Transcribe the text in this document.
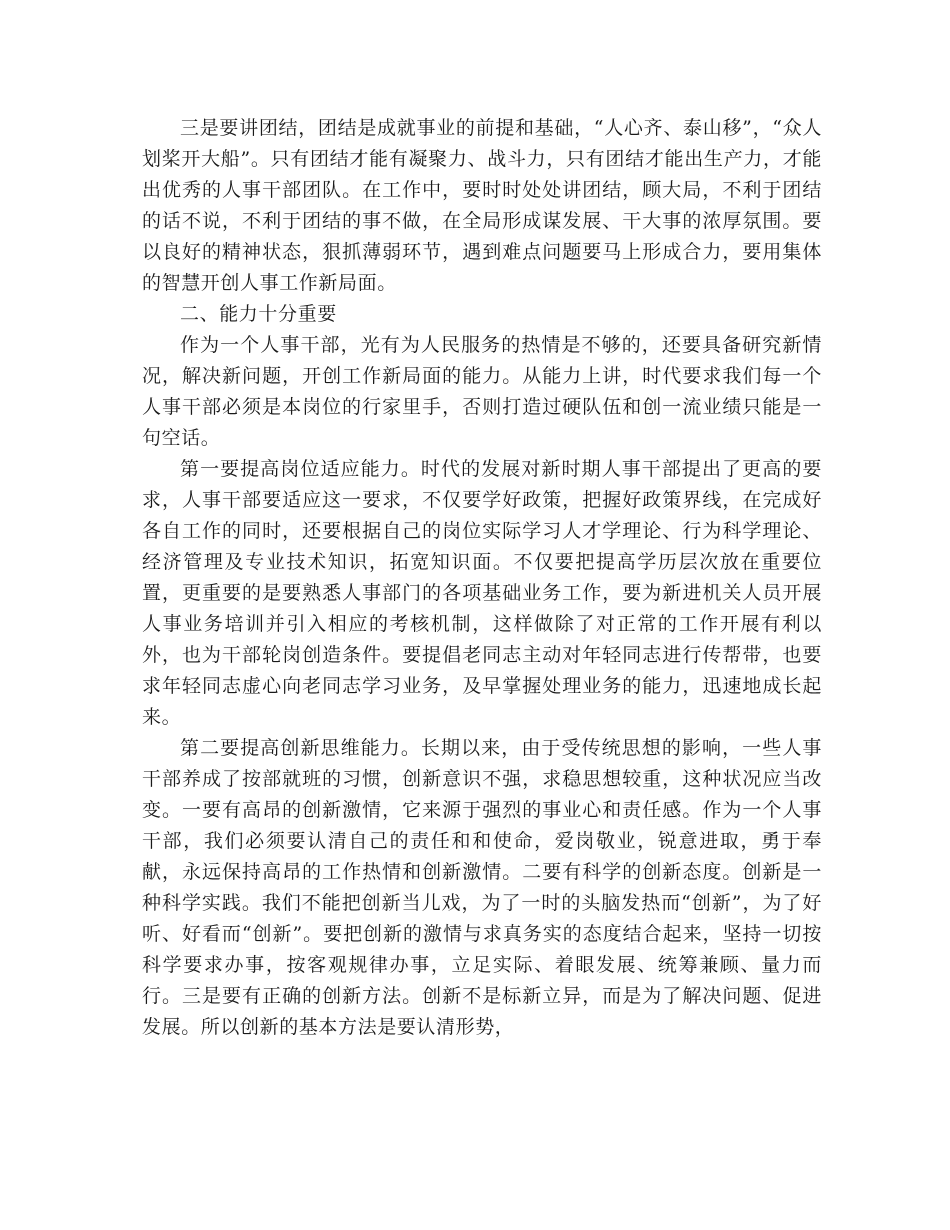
三是要讲团结，团结是成就事业的前提和基础，“人心齐、泰山移”，“众人划桨开大船”。只有团结才能有凝聚力、战斗力，只有团结才能出生产力，才能出优秀的人事干部团队。在工作中，要时时处处讲团结，顾大局，不利于团结的话不说，不利于团结的事不做，在全局形成谋发展、干大事的浓厚氛围。要以良好的精神状态，狠抓薄弱环节，遇到难点问题要马上形成合力，要用集体的智慧开创人事工作新局面。

二、能力十分重要

作为一个人事干部，光有为人民服务的热情是不够的，还要具备研究新情况，解决新问题，开创工作新局面的能力。从能力上讲，时代要求我们每一个人事干部必须是本岗位的行家里手，否则打造过硬队伍和创一流业绩只能是一句空话。

第一要提高岗位适应能力。时代的发展对新时期人事干部提出了更高的要求，人事干部要适应这一要求，不仅要学好政策，把握好政策界线，在完成好各自工作的同时，还要根据自己的岗位实际学习人才学理论、行为科学理论、经济管理及专业技术知识，拓宽知识面。不仅要把提高学历层次放在重要位置，更重要的是要熟悉人事部门的各项基础业务工作，要为新进机关人员开展人事业务培训并引入相应的考核机制，这样做除了对正常的工作开展有利以外，也为干部轮岗创造条件。要提倡老同志主动对年轻同志进行传帮带，也要求年轻同志虚心向老同志学习业务，及早掌握处理业务的能力，迅速地成长起来。

第二要提高创新思维能力。长期以来，由于受传统思想的影响，一些人事干部养成了按部就班的习惯，创新意识不强，求稳思想较重，这种状况应当改变。一要有高昂的创新激情，它来源于强烈的事业心和责任感。作为一个人事干部，我们必须要认清自己的责任和和使命，爱岗敬业，锐意进取，勇于奉献，永远保持高昂的工作热情和创新激情。二要有科学的创新态度。创新是一种科学实践。我们不能把创新当儿戏，为了一时的头脑发热而“创新”，为了好听、好看而“创新”。要把创新的激情与求真务实的态度结合起来，坚持一切按科学要求办事，按客观规律办事，立足实际、着眼发展、统筹兼顾、量力而行。三是要有正确的创新方法。创新不是标新立异，而是为了解决问题、促进发展。所以创新的基本方法是要认清形势，
